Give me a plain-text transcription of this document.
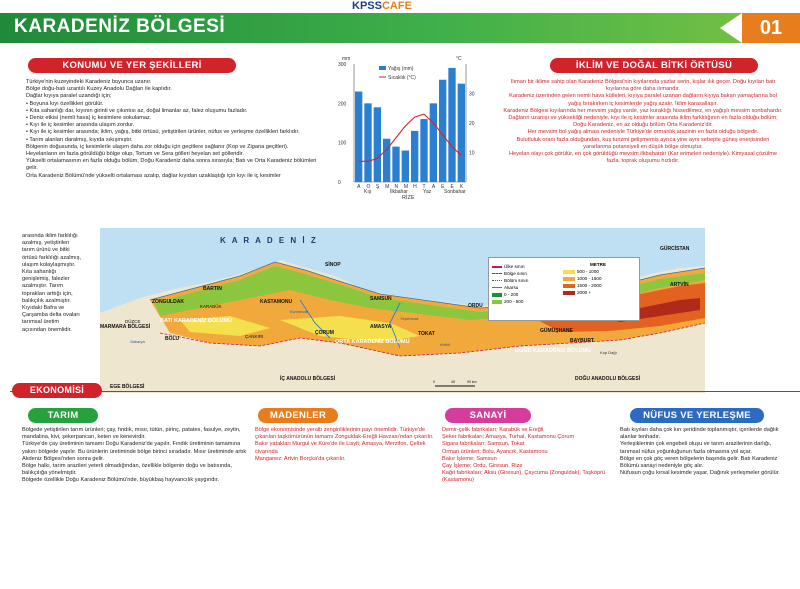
KPSSCAFE
KARADENİZ BÖLGESİ	01
KONUMU VE YER ŞEKİLLERİ
Türkiye'nin kuzeyindeki Karadeniz boyunca uzanır.
Bölge doğu-batı uzantılı Kuzey Anadolu Dağları ile kaplıdır.
Dağlar kıyıya paralel uzandığı için;
• Boyuna kıyı özellikleri görülür.
• Kıta sahanlığı dar, kıyının girinti ve çıkıntısı az, doğal limanlar az, falez oluşumu fazladır.
• Deniz etkisi (nemli hava) iç kesimlere sokulamaz.
• Kıyı ile iç kesimler arasında ulaşım zordur.
• Kıyı ile iç kesimler arasında; iklim, yağış, bitki örtüsü, yetiştirilen ürünler, nüfus ve yerleşme özellikleri farklıdır.
• Tarım alanları daralmış, kıyıda sıkışmıştır.
Bölgenin doğusunda, iç kesimlerle ulaşım daha zor olduğu için geçitlere sağlanır (Kop ve Zigana geçitleri).
Heyelanların en fazla görüldüğü bölge olup, Tortum ve Sera gölleri heyelan set gölleridir.
Yükselti ortalamasının en fazla olduğu bölüm, Doğu Karadeniz daha sonra sırasıyla; Batı ve Orta Karadeniz bölümleri gelir.
Orta Karadeniz Bölümü'nde yükselti ortalaması azalıp, dağlar kıyıdan uzaklaştığı için kıyı ile iç kesimler
arasında iklim farklılığı
azalmış, yetiştirilen
tarım ürünü ve bitki
örtüsü farklılığı azalmış,
ulaşım kolaylaşmıştır.
Kıta sahanlığı
genişlemiş, falezler
azalmıştır. Tarım
toprakları arttığı için,
balıkçılık azalmıştır.
Kıyıdaki Bafra ve
Çarşamba delta ovaları
tarımsal üretim
açısından önemlidir.
mm	°C
300
200
100
0
30
20
10
A O Ş M N M H T A E E K
Yağış (mm)
Sıcaklık (°C)
Kış	İlkbahar	Yaz	Sonbahar
RİZE
İKLİM VE DOĞAL BİTKİ ÖRTÜSÜ
Ilıman bir iklime sahip olan Karadeniz Bölgesi'nin kıyılarında yazlar serin, kışlar ılık geçer. Doğu kıyıları batı kıyılarına göre daha ılımandır.
Karadeniz üzerinden gelen nemli hava kütleleri, kıyıya paralel uzanan dağların kıyıya bakan yamaçlarına bol yağış bırakırken iç kesimlerde yağış azalır. İklim karasallaşır.
Karadeniz Bölgesi kıyılarında her mevsim yağış vardır, yaz kuraklığı hissedilmez, en yağışlı mevsim sonbahardır.
Dağların uzanışı ve yüksekliği nedeniyle, kıyı ile iç kesimler arasında iklim farklılığının en fazla olduğu bölüm; Doğu Karadeniz, en az olduğu bölüm Orta Karadeniz'dir.
Her mevsim bol yağış alması nedeniyle Türkiye'de ormanlık arazinin en fazla olduğu bölgedir.
Bulutluluk oranı fazla olduğundan, kuş turizmi gelişmemiş ayrıca yine aynı sebepte güneş enerjisinden yararlanma potansiyeli en düşük bölge olmuştur.
Heyelan olayı çok görülür, en çok görüldüğü mevsim ilkbahardır (Kar erimeleri nedeniyle). Kimyasal çözülme fazla, toprak oluşumu hızlıdır.
K A R A D E N İ Z
SİNOP
ZONGULDAK
BARTIN
KASTAMONU
BATI KARADENİZ BÖLÜMÜ
SAMSUN
ORDU
ARTVİN
ORTA KARADENİZ BÖLÜMÜ
DOĞU KARADENİZ BÖLÜMÜ
ÇORUM
AMASYA
TOKAT	GÜMÜŞHANE
BAYBURT
BOLU
KARABÜK
DÜZCE
ÇANKIRI
GÜRCİSTAN
MARMARA BÖLGESİ
EGE BÖLGESİ
İÇ ANADOLU BÖLGESİ	DOĞU ANADOLU BÖLGESİ
Kızılırmak
Yeşilırmak
Kelkit
Sakarya
Kop Dağı
0	45	90 km
Ülke sınırı
Bölge sınırı
Bölüm sınırı
Akarsu
0 - 200
200 - 500
METRE
500 - 1000
1000 - 1500
1500 - 2000
2000 +
EKONOMİSİ
TARIM
Bölgede yetiştirilen tarım ürünleri; çay, fındık, mısır, tütün, pirinç, patates, fasulye, zeytin, mandalina, kivi, şekerpancarı, keten ve kenevirdir.
Türkiye'de çay üretiminin tamamı Doğu Karadeniz'de yapılır. Fındık üretiminin tamamına yakını bölgede yapılır. Bu ürünlerin üretiminde bölge birinci sıradadır. Mısır üretiminde artık Akdeniz Bölgesi'nden sonra gelir.
Bölge halkı, tarım arazileri yeterli olmadığından, özellikle bölgenin doğu ve batısında, balıkçılığa yönelmiştir.
Bölgede özellikle Doğu Karadeniz Bölümü'nde, büyükbaş hayvancılık yaygındır.
MADENLER
Bölge ekonomisinde yeraltı zenginliklerinin payı önemlidir. Türkiye'de çıkarılan taşkömürünün tamamı Zonguldak-Ereğli Havzası'ndan çıkarılır.
Bakır yatakları Murgul ve Küre'de ile Lisyit; Amasya, Merzifon, Çeltek civarında
Manganez: Artvin Borçka'da çıkarılır.
SANAYİ
Demir-çelik fabrikaları; Karabük ve Ereğli
Şeker fabrikaları; Amasya, Turhal, Kastamonu Çorum
Sigara fabrikaları; Samsun, Tokat
Orman ürünleri; Bolu, Ayancık, Kastamonu
Bakır İşleme; Samsun
Çay İşleme; Ordu, Giresun, Rize
Kağıt fabrikaları; Aksu (Giresun), Çaycuma (Zonguldak), Taşköprü (Kastamonu)
NÜFUS VE YERLEŞME
Batı kıyıları daha çok kırı şeridinde toplanmıştır, içerilerde dağlık alanlar tenhadır.
Yerleşiklerinin çok engebeli oluşu ve tarım arazilerinin darlığı, tarımsal nüfus yoğunluğunun fazla olmasına yol açar.
Bölge en çok göç veren bölgelerin başında gelir. Batı Karadeniz Bölümü sanayi nedeniyle göç alır.
Nüfusun çoğu kırsal kesimde yaşar. Dağınık yerleşmeler görülür.
